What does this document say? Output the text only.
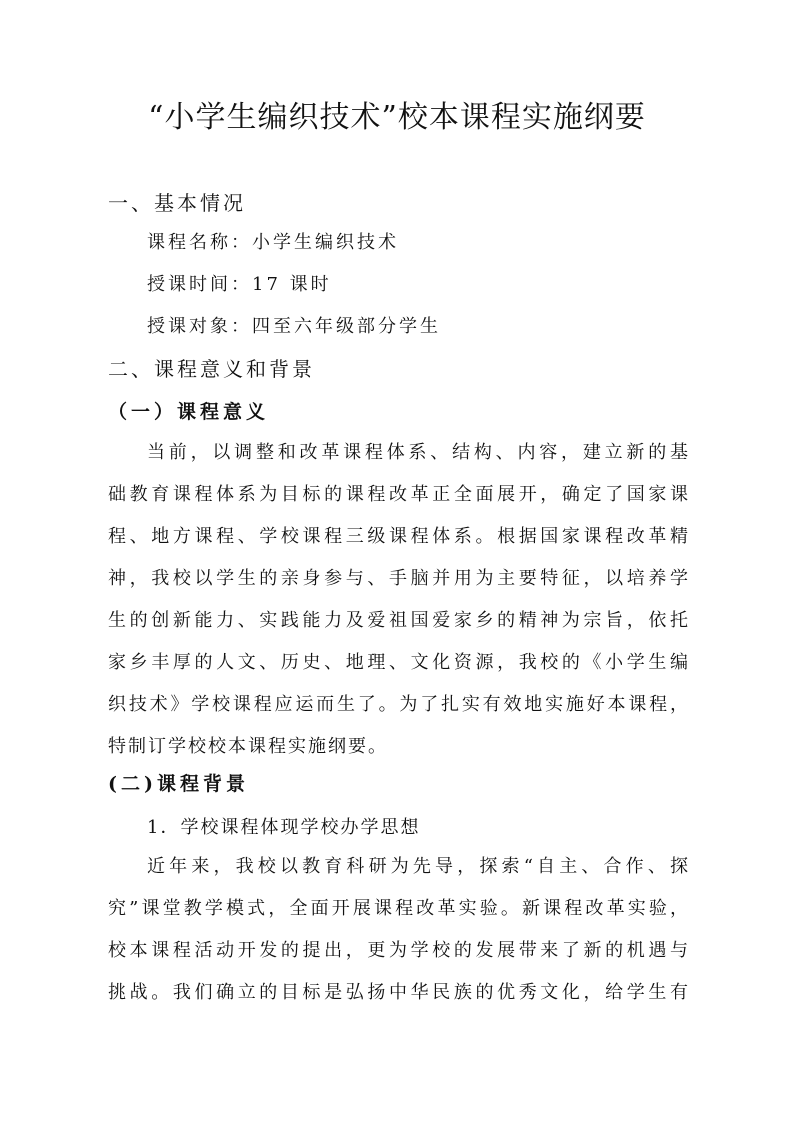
“小学生编织技术”校本课程实施纲要
一、基本情况
课程名称：小学生编织技术
授课时间：17 课时
授课对象：四至六年级部分学生
二、课程意义和背景
（一）课程意义
当前，以调整和改革课程体系、结构、内容，建立新的基
础教育课程体系为目标的课程改革正全面展开，确定了国家课
程、地方课程、学校课程三级课程体系。根据国家课程改革精
神，我校以学生的亲身参与、手脑并用为主要特征，以培养学
生的创新能力、实践能力及爱祖国爱家乡的精神为宗旨，依托
家乡丰厚的人文、历史、地理、文化资源，我校的《小学生编
织技术》学校课程应运而生了。为了扎实有效地实施好本课程，
特制订学校校本课程实施纲要。
(二)课程背景
1．学校课程体现学校办学思想
近年来，我校以教育科研为先导，探索“自主、合作、探
究”课堂教学模式，全面开展课程改革实验。新课程改革实验，
校本课程活动开发的提出，更为学校的发展带来了新的机遇与
挑战。我们确立的目标是弘扬中华民族的优秀文化，给学生有
